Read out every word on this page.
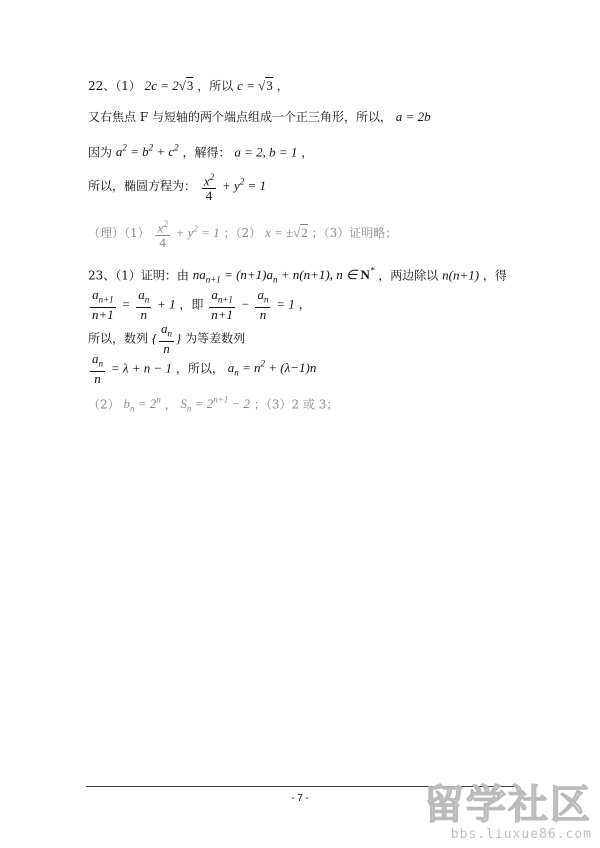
22、（1） 2c = 2√3 ，所以 c = √3 ，
又右焦点 F 与短轴的两个端点组成一个正三角形，所以， a = 2b
因为 $a^2 = b^2 + c^2$ ，解得： a = 2, b = 1 ，
所以，椭圆方程为： $\frac{x^2}{4} + y^2 = 1$
（理）$(1) \frac{x^2}{4} + y^2 = 1$ ；（2） x = ±√2 ；（3）证明略；
23、（1）证明：由 $na_{n+1} = (n+1)a_n + n(n+1)$, n ∈ N* ，两边除以 n(n+1) ，得
$\frac{a_{n+1}}{n+1} = \frac{a_n}{n} + 1$ ，即 $\frac{a_{n+1}}{n+1} - \frac{a_n}{n} = 1$ ，
所以，数列 { $\frac{a_n}{n}$ } 为等差数列
$\frac{a_n}{n} = \lambda + n - 1$ ，所以， $a_n = n^2 + (\lambda-1)n$
（2） $b_n = 2^n$ ， $S_n = 2^{n+1} - 2$ ；（3）2 或 3；
- 7 -	留学社区
bbs.liuxue86.com
